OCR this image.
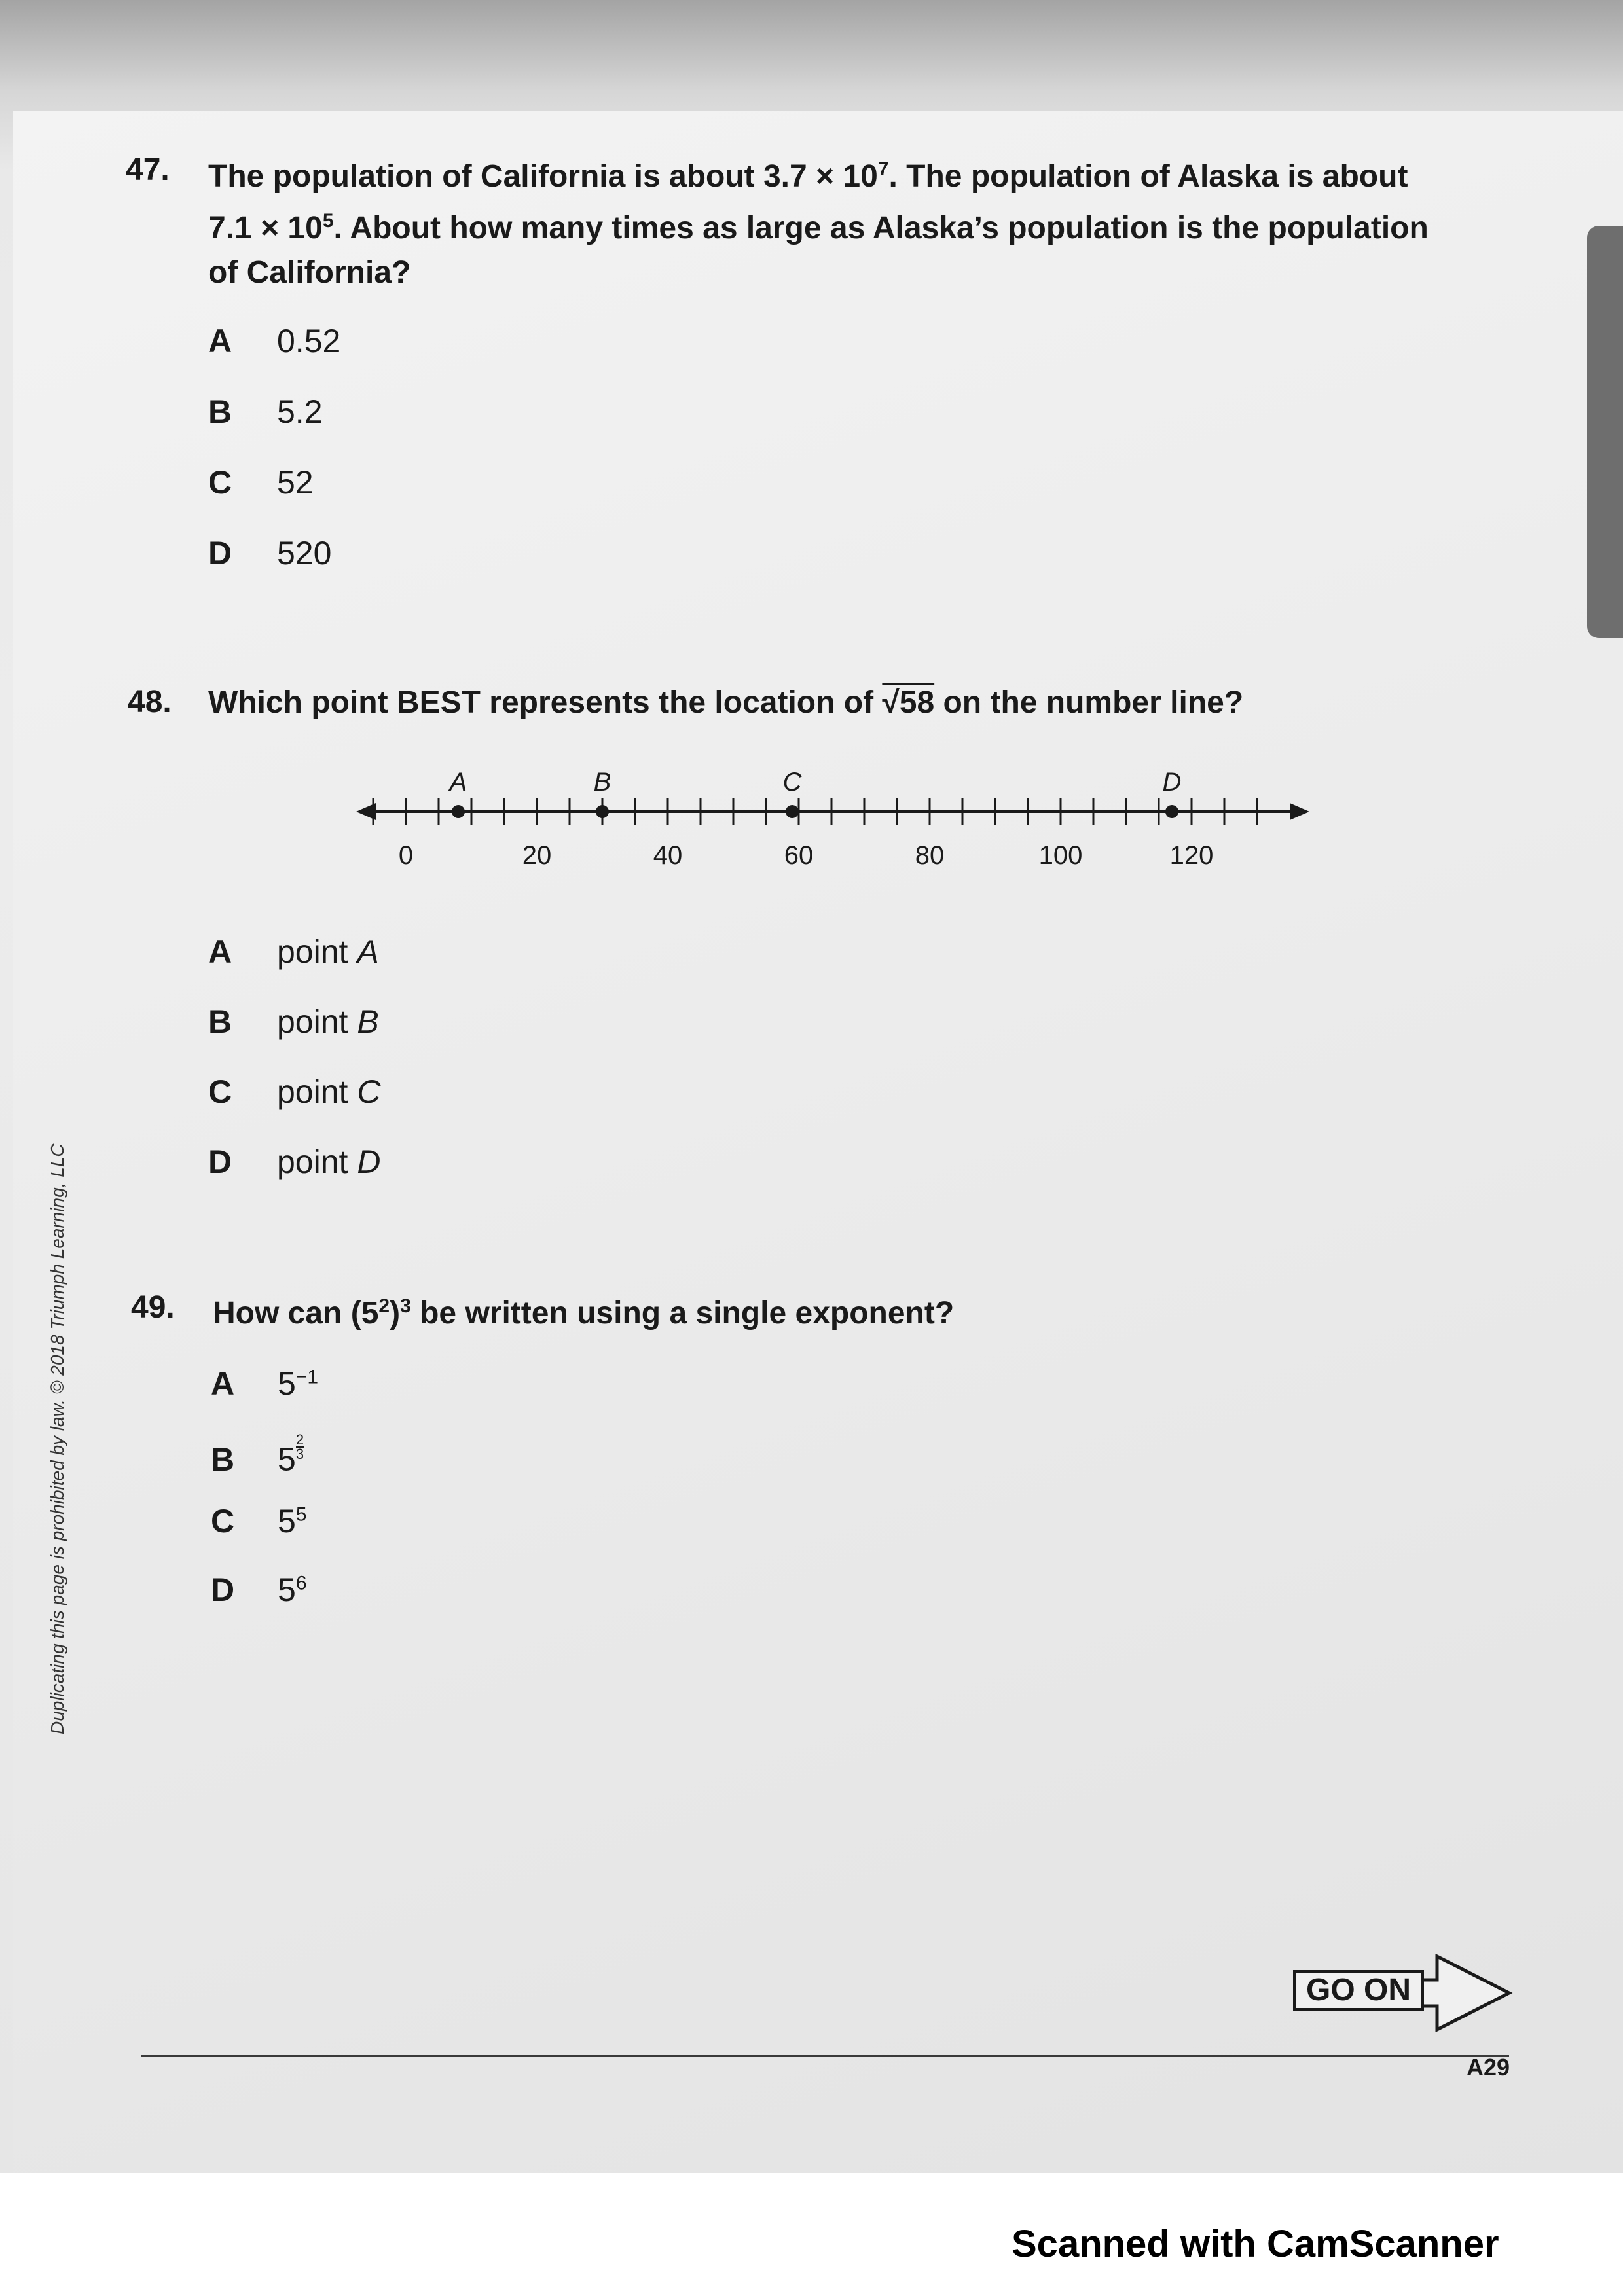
47. The population of California is about $3.7 \times 10^7$. The population of Alaska is about
$7.1 \times 10^5$. About how many times as large as Alaska’s population is the population
of California?
A 0.52
B 5.2
C 52
D 520
48. Which point BEST represents the location of √58 on the number line?
0	20	40	60	80	100	120
A	B	C	D
A point A
B point B
C point C
D point D
49. How can $(5^2)^3$ be written using a single exponent?
A $5^{-1}$
B $5 \frac{2}{3}$
C $5^5$
D $5^6$
Duplicating this page is prohibited by law. © 2018 Triumph Learning, LLC
GO ON
A29
Scanned with CamScanner
